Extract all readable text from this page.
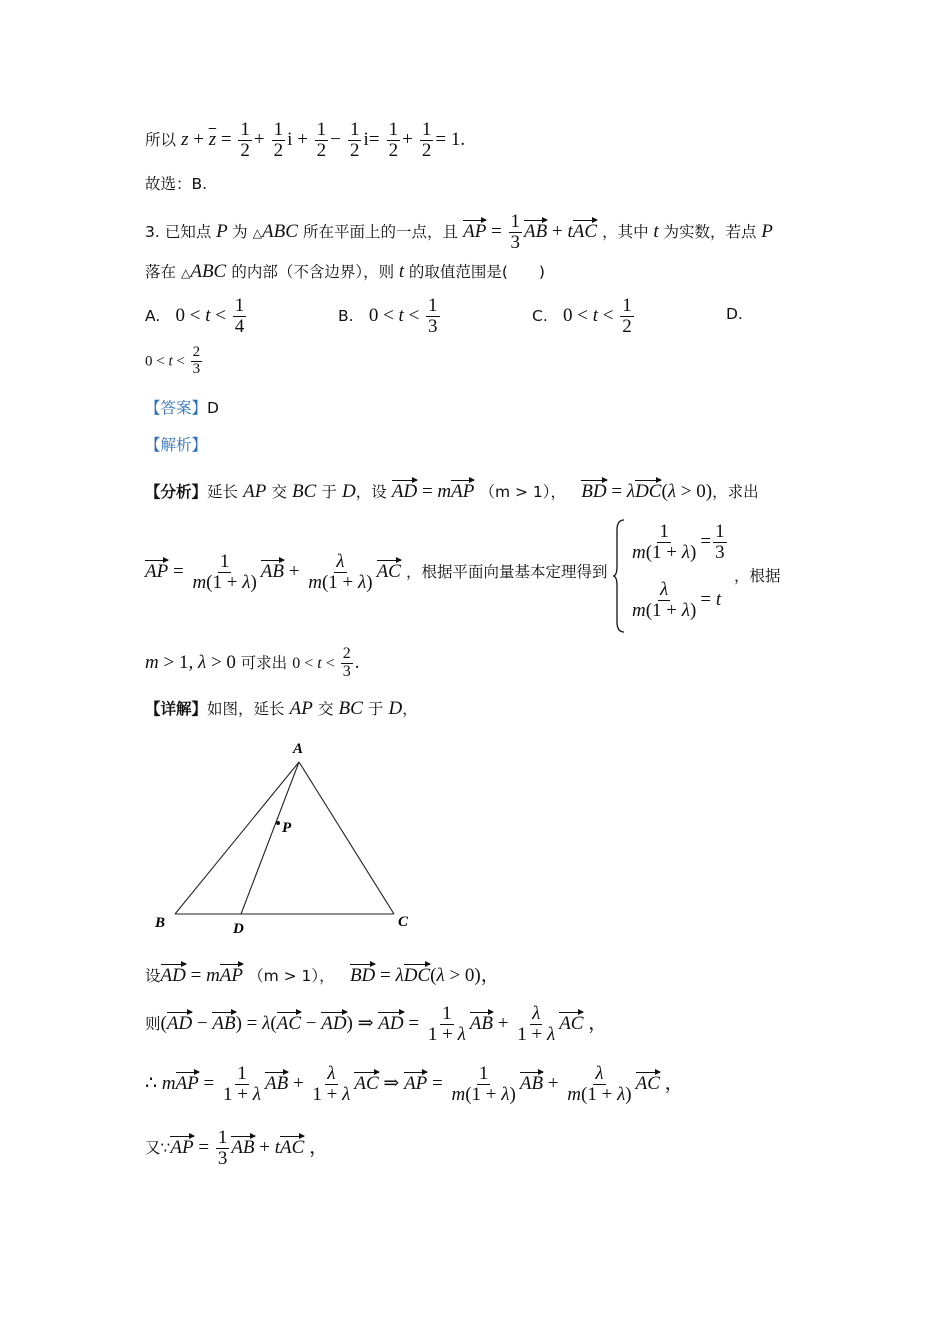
所以 $z + \overline{z} = \frac{1}{2} + \frac{1}{2}$ $i + \frac{1}{2} - \frac{1}{2} i= \frac{1}{2} + \frac{1}{2} = 1$.
故选：B.
3. 已知点 P 为 △ABC 所在平面上的一点，且 AP = $\frac{1}{3}$ AB + tAC ，其中 t 为实数，若点 P
落在 △ABC 的内部（不含边界），则 t 的取值范围是(　　)
A. $0 < t < \frac{1}{4}$	B. $0 < t < \frac{1}{3}$	C. $0 < t < \frac{1}{2}$	D.
$0 < t < \frac{2}{3}$
【答案】D
【解析】
【分析】延长 AP 交 BC 于 D，设 AD = mAP （m > 1）， BD = λDC(λ > 0)，求出
AP = $\frac{1}{m(1 + \lambda)}$ AB + $\frac{\lambda}{m(1 + \lambda)}$ AC ，根据平面向量基本定理得到
$\frac{1}{m(1 + \lambda)} = \frac{1}{3}$
$\frac{\lambda}{m(1 + \lambda)} = t$
，根据
m > 1, λ > 0 可求出 $0 < t < \frac{2}{3}$ .
【详解】如图，延长 AP 交 BC 于 D，
A
P
B	D	C
设AD = mAP （m > 1）， BD = λDC(λ > 0)，
则(AD − AB) = λ(AC − AD) ⇒ AD = $\frac{1}{1 + \lambda}$ AB + $\frac{\lambda}{1 + \lambda}$ AC ，
∴ mAP = $\frac{1}{1 + \lambda}$ AB + $\frac{\lambda}{1 + \lambda}$ AC ⇒ AP = $\frac{1}{m(1 + \lambda)}$ AB + $\frac{\lambda}{m(1 + \lambda)}$ AC ，
又∵AP = $\frac{1}{3}$ AB + tAC ，
